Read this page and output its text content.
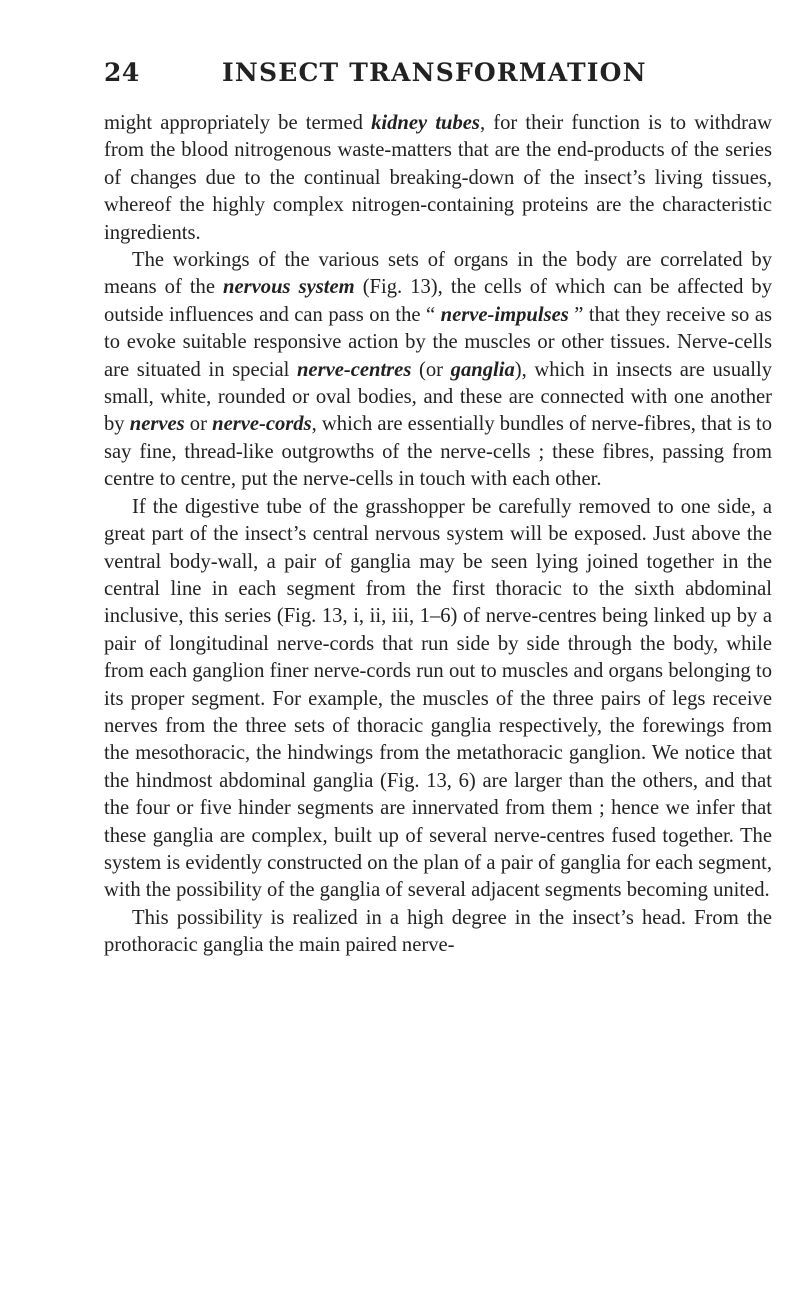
24	INSECT TRANSFORMATION

might appropriately be termed kidney tubes, for their function is to withdraw from the blood nitrogenous waste-matters that are the end-products of the series of changes due to the continual breaking-down of the insect’s living tissues, whereof the highly complex nitrogen-containing proteins are the characteristic ingredients.

The workings of the various sets of organs in the body are correlated by means of the nervous system (Fig. 13), the cells of which can be affected by outside influences and can pass on the “ nerve-impulses ” that they receive so as to evoke suitable responsive action by the muscles or other tissues. Nerve-cells are situated in special nerve-centres (or ganglia), which in insects are usually small, white, rounded or oval bodies, and these are connected with one another by nerves or nerve-cords, which are essentially bundles of nerve-fibres, that is to say fine, thread-like outgrowths of the nerve-cells ; these fibres, passing from centre to centre, put the nerve-cells in touch with each other.

If the digestive tube of the grasshopper be carefully removed to one side, a great part of the insect’s central nervous system will be exposed. Just above the ventral body-wall, a pair of ganglia may be seen lying joined together in the central line in each segment from the first thoracic to the sixth abdominal inclusive, this series (Fig. 13, i, ii, iii, 1–6) of nerve-centres being linked up by a pair of longitudinal nerve-cords that run side by side through the body, while from each ganglion finer nerve-cords run out to muscles and organs belonging to its proper segment. For example, the muscles of the three pairs of legs receive nerves from the three sets of thoracic ganglia respectively, the forewings from the mesothoracic, the hindwings from the metathoracic ganglion. We notice that the hindmost abdominal ganglia (Fig. 13, 6) are larger than the others, and that the four or five hinder segments are innervated from them ; hence we infer that these ganglia are complex, built up of several nerve-centres fused together. The system is evidently constructed on the plan of a pair of ganglia for each segment, with the possibility of the ganglia of several adjacent segments becoming united.

This possibility is realized in a high degree in the insect’s head. From the prothoracic ganglia the main paired nerve-
